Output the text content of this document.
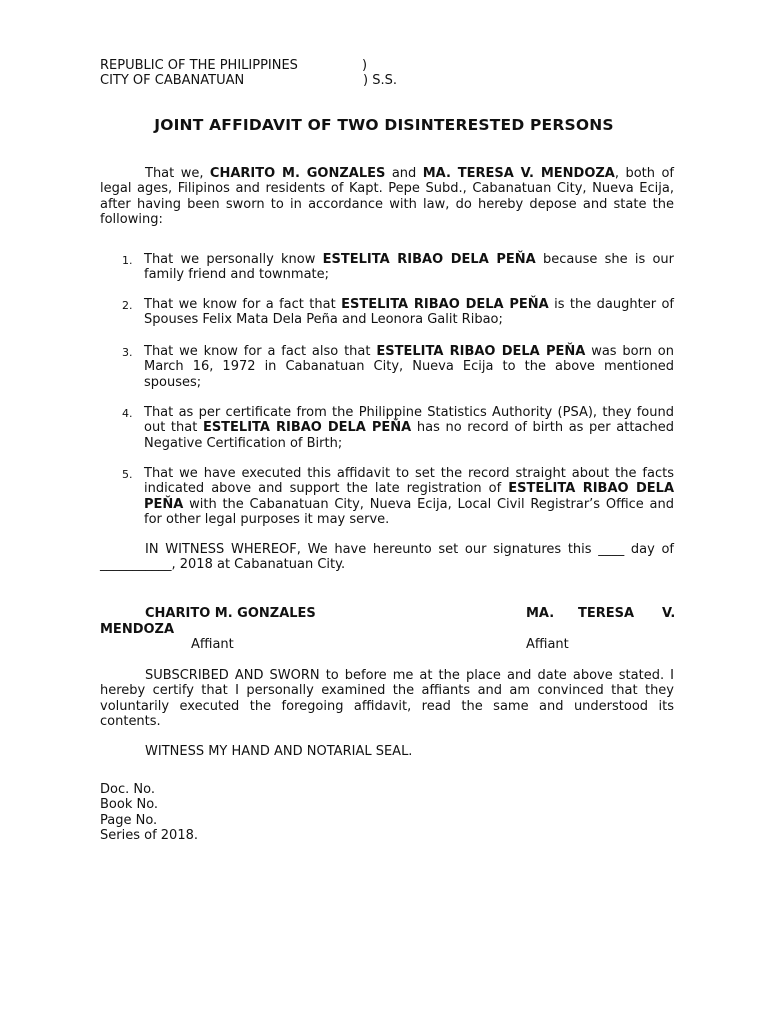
REPUBLIC OF THE PHILIPPINES	)
CITY OF CABANATUAN	) S.S.
JOINT AFFIDAVIT OF TWO DISINTERESTED PERSONS

That we, CHARITO M. GONZALES and MA. TERESA V. MENDOZA, both of legal ages, Filipinos and residents of Kapt. Pepe Subd., Cabanatuan City, Nueva Ecija, after having been sworn to in accordance with law, do hereby depose and state the following:

1. That we personally know ESTELITA RIBAO DELA PEŇA because she is our family friend and townmate;
2. That we know for a fact that ESTELITA RIBAO DELA PEŇA is the daughter of Spouses Felix Mata Dela Peña and Leonora Galit Ribao;
3. That we know for a fact also that ESTELITA RIBAO DELA PEŇA was born on March 16, 1972 in Cabanatuan City, Nueva Ecija to the above mentioned spouses;
4. That as per certificate from the Philippine Statistics Authority (PSA), they found out that ESTELITA RIBAO DELA PEŇA has no record of birth as per attached Negative Certification of Birth;
5. That we have executed this affidavit to set the record straight about the facts indicated above and support the late registration of ESTELITA RIBAO DELA PEŇA with the Cabanatuan City, Nueva Ecija, Local Civil Registrar’s Office and for other legal purposes it may serve.

IN WITNESS WHEREOF, We have hereunto set our signatures this ____ day of ___________, 2018 at Cabanatuan City.

CHARITO M. GONZALES	MA. TERESA V.
MENDOZA
Affiant	Affiant

SUBSCRIBED AND SWORN to before me at the place and date above stated. I hereby certify that I personally examined the affiants and am convinced that they voluntarily executed the foregoing affidavit, read the same and understood its contents.

WITNESS MY HAND AND NOTARIAL SEAL.

Doc. No.
Book No.
Page No.
Series of 2018.
